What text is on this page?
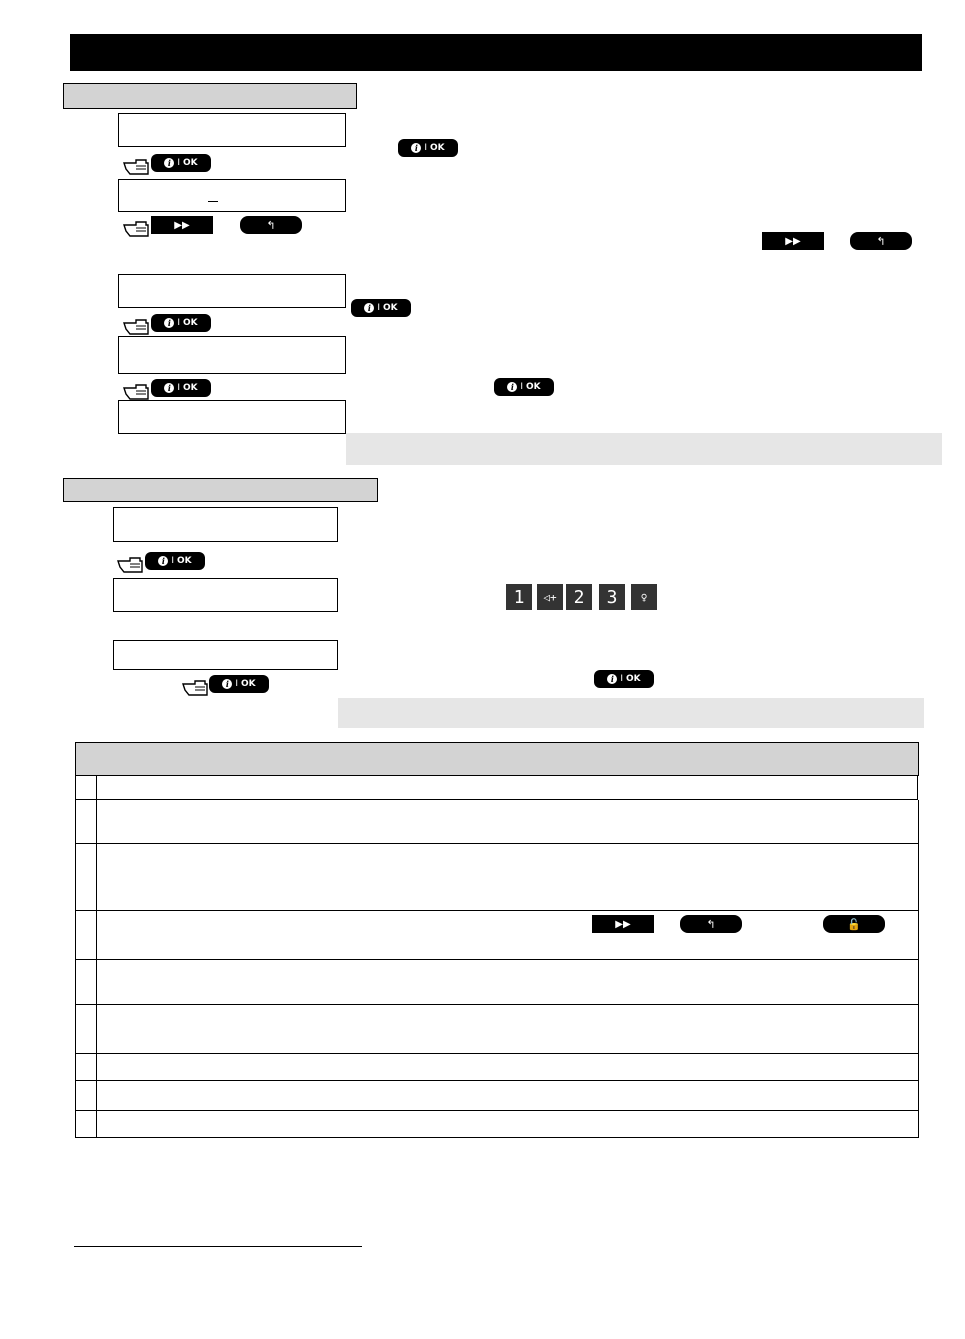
i I OK
i I OK
▶▶	↰
▶▶	↰
i I OK
i I OK
i I OK	i I OK
i I OK
1 ◁+ 2 3 ♀
i I OK	i I OK
▶▶	↰	🔓
